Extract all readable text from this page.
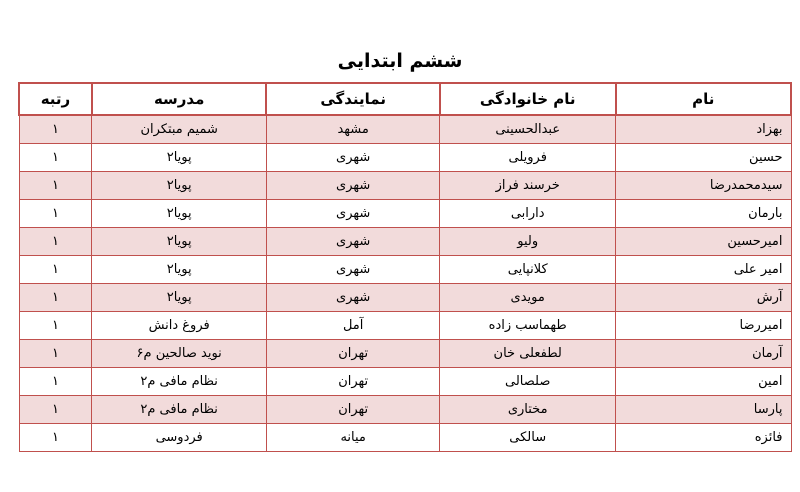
ششم ابتدایی
نام	نام خانوادگی	نمایندگی	مدرسه	رتبه
بهزاد	عبدالحسینی	مشهد	شمیم مبتکران	۱
حسین	فرویلی	شهری	پویا۲	۱
سیدمحمدرضا	خرسند فراز	شهری	پویا۲	۱
بارمان	دارابی	شهری	پویا۲	۱
امیرحسین	ولیو	شهری	پویا۲	۱
امیر علی	کلانپایی	شهری	پویا۲	۱
آرش	مویدی	شهری	پویا۲	۱
امیررضا	طهماسب زاده	آمل	فروغ دانش	۱
آرمان	لطفعلی خان	تهران	نوید صالحین م۶	۱
امین	صلصالی	تهران	نظام مافی م۲	۱
پارسا	مختاری	تهران	نظام مافی م۲	۱
فائزه	سالکی	میانه	فردوسی	۱
